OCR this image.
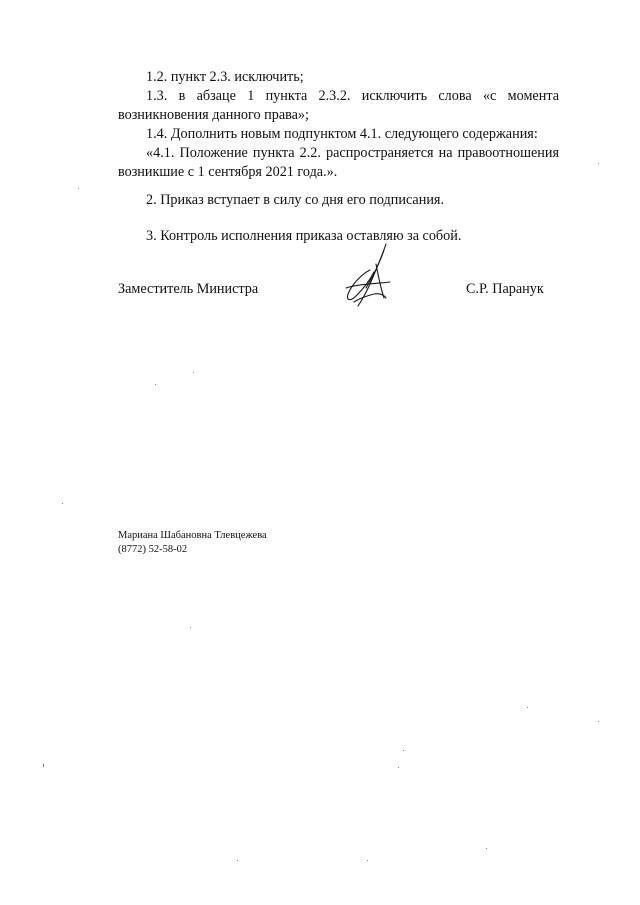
1.2. пункт 2.3. исключить;

1.3. в абзаце 1 пункта 2.3.2. исключить слова «с момента возникновения данного права»;

1.4. Дополнить новым подпунктом 4.1. следующего содержания:

«4.1. Положение пункта 2.2. распространяется на правоотношения возникшие с 1 сентября 2021 года.».

2. Приказ вступает в силу со дня его подписания.

3. Контроль исполнения приказа оставляю за собой.

Заместитель Министра	С.Р. Паранук
Мариана Шабановна Тлевцежева
(8772) 52-58-02
